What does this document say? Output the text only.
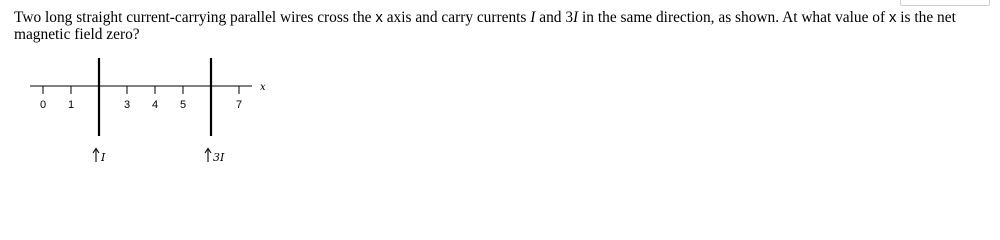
Two long straight current-carrying parallel wires cross the x axis and carry currents I and 3I in the same direction, as shown. At what value of x is the net magnetic field zero?

x
0 1	3 4 5	7
I	3I
